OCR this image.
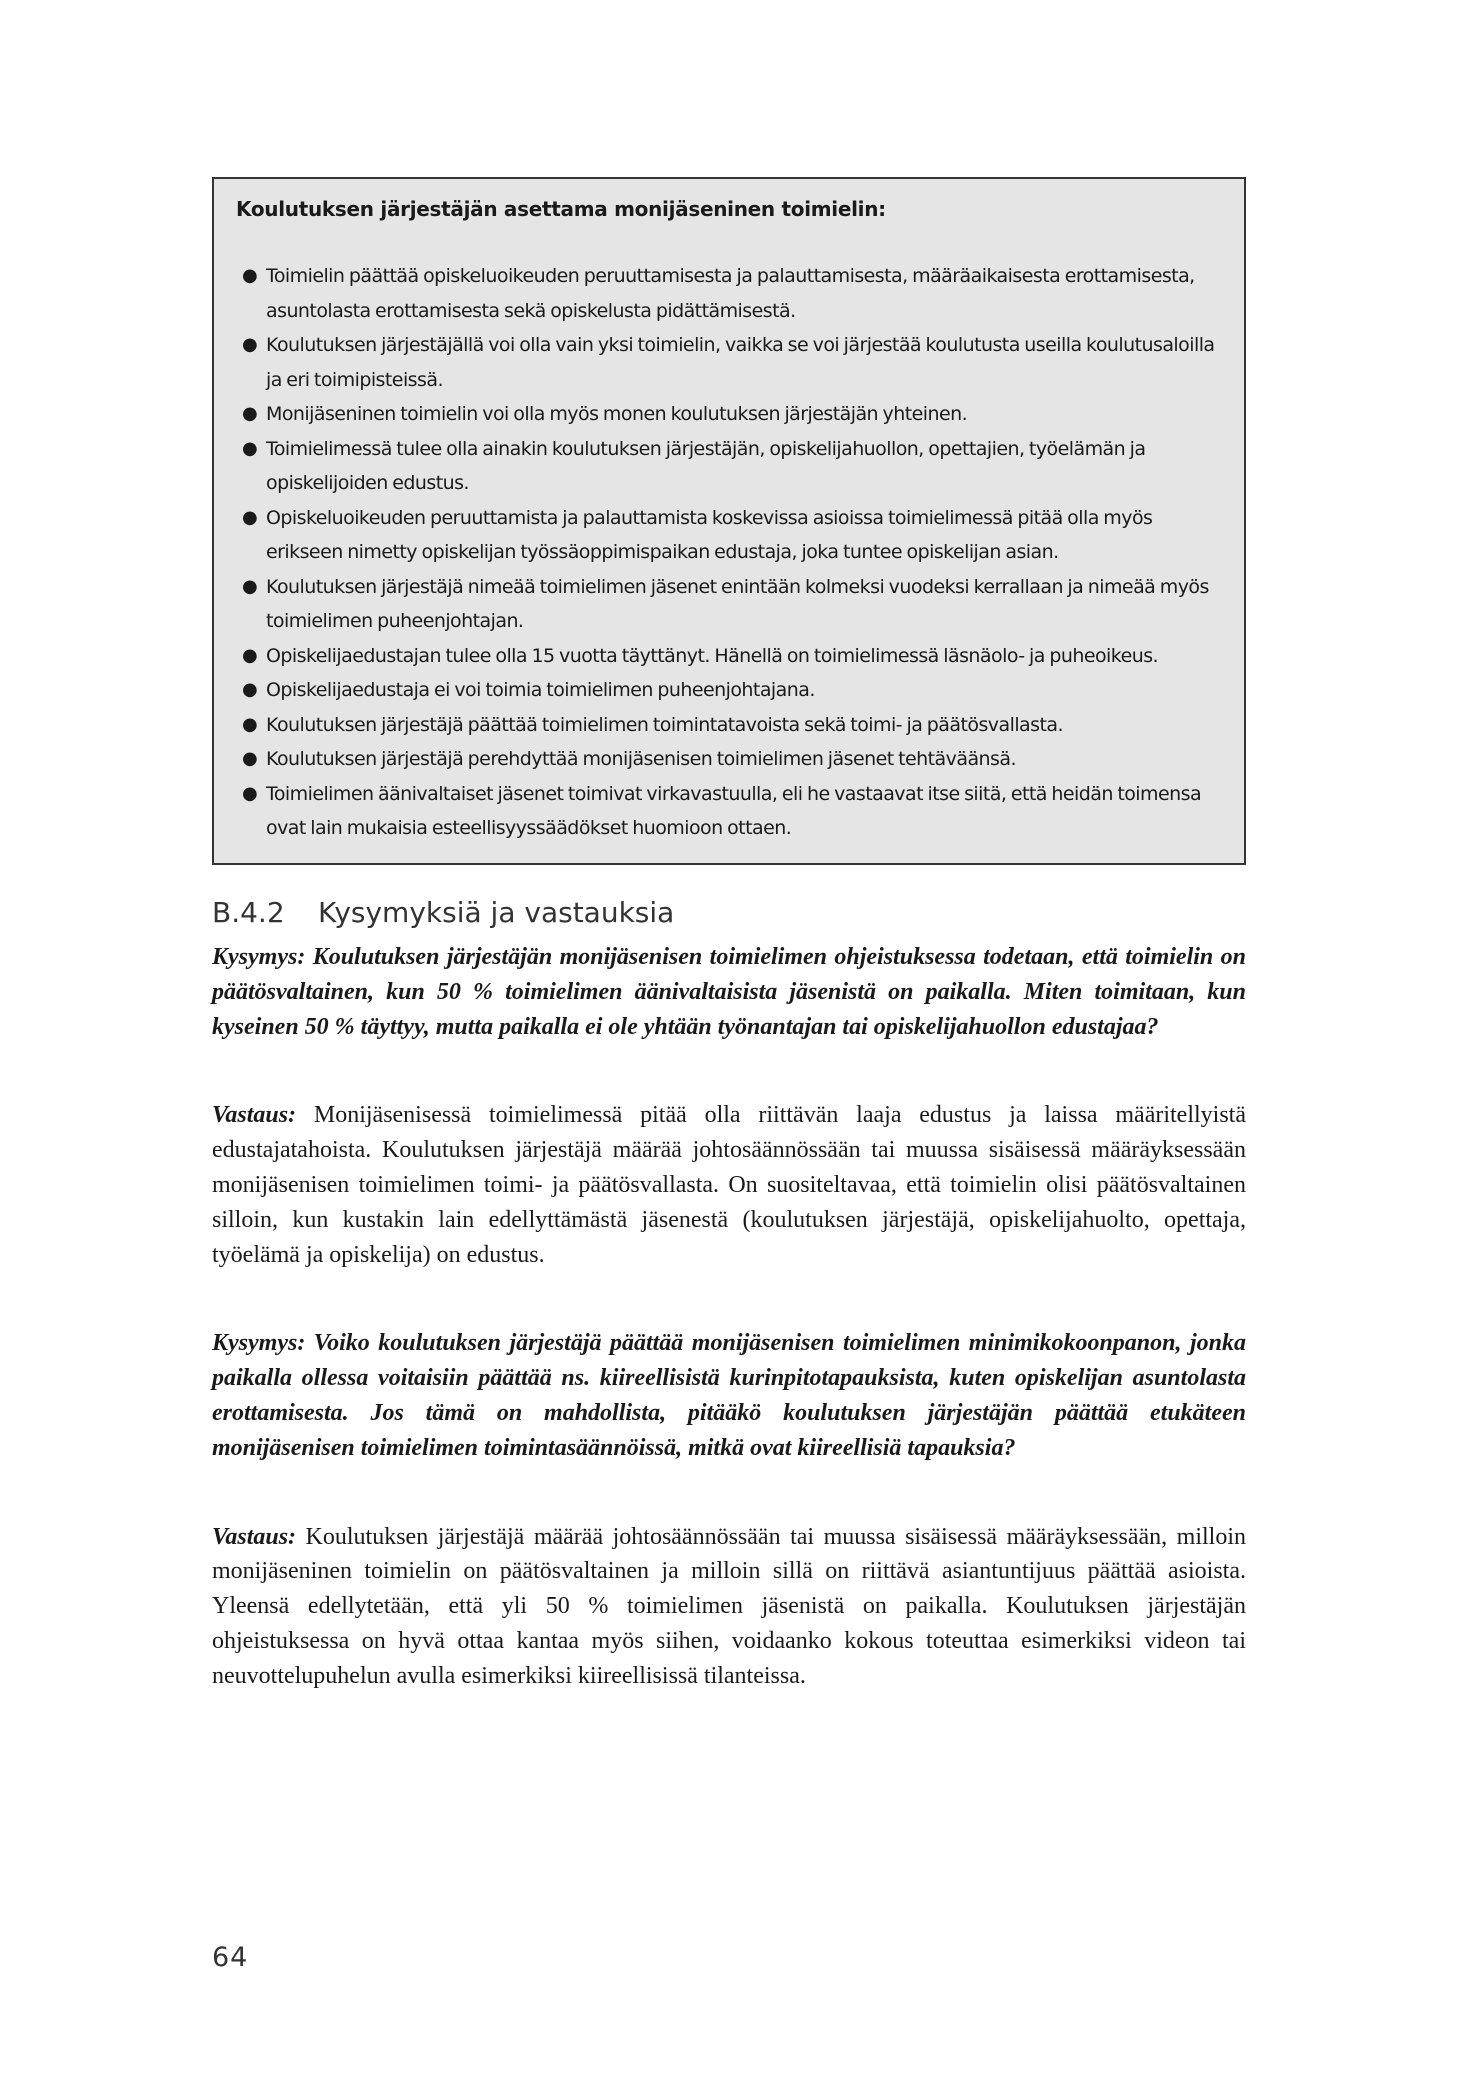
Koulutuksen järjestäjän asettama monijäseninen toimielin:
● Toimielin päättää opiskeluoikeuden peruuttamisesta ja palauttamisesta, määräaikaisesta erottamisesta, asuntolasta erottamisesta sekä opiskelusta pidättämisestä.
● Koulutuksen järjestäjällä voi olla vain yksi toimielin, vaikka se voi järjestää koulutusta useilla koulutusaloilla ja eri toimipisteissä.
● Monijäseninen toimielin voi olla myös monen koulutuksen järjestäjän yhteinen.
● Toimielimessä tulee olla ainakin koulutuksen järjestäjän, opiskelijahuollon, opettajien, työelämän ja opiskelijoiden edustus.
● Opiskeluoikeuden peruuttamista ja palauttamista koskevissa asioissa toimielimessä pitää olla myös erikseen nimetty opiskelijan työssäoppimispaikan edustaja, joka tuntee opiskelijan asian.
● Koulutuksen järjestäjä nimeää toimielimen jäsenet enintään kolmeksi vuodeksi kerrallaan ja nimeää myös toimielimen puheenjohtajan.
● Opiskelijaedustajan tulee olla 15 vuotta täyttänyt. Hänellä on toimielimessä läsnäolo- ja puheoikeus.
● Opiskelijaedustaja ei voi toimia toimielimen puheenjohtajana.
● Koulutuksen järjestäjä päättää toimielimen toimintatavoista sekä toimi- ja päätösvallasta.
● Koulutuksen järjestäjä perehdyttää monijäsenisen toimielimen jäsenet tehtäväänsä.
● Toimielimen äänivaltaiset jäsenet toimivat virkavastuulla, eli he vastaavat itse siitä, että heidän toimensa ovat lain mukaisia esteellisyyssäädökset huomioon ottaen.
B.4.2 Kysymyksiä ja vastauksia

Kysymys: Koulutuksen järjestäjän monijäsenisen toimielimen ohjeistuksessa todetaan, että toimielin on päätösvaltainen, kun 50 % toimielimen äänivaltaisista jäsenistä on paikalla. Miten toimitaan, kun kyseinen 50 % täyttyy, mutta paikalla ei ole yhtään työnantajan tai opiskelijahuollon edustajaa?

Vastaus: Monijäsenisessä toimielimessä pitää olla riittävän laaja edustus ja laissa määritellyistä edustajatahoista. Koulutuksen järjestäjä määrää johtosäännössään tai muussa sisäisessä määräyksessään monijäsenisen toimielimen toimi- ja päätösvallasta. On suositeltavaa, että toimielin olisi päätösvaltainen silloin, kun kustakin lain edellyttämästä jäsenestä (koulutuksen järjestäjä, opiskelijahuolto, opettaja, työelämä ja opiskelija) on edustus.

Kysymys: Voiko koulutuksen järjestäjä päättää monijäsenisen toimielimen minimikokoonpanon, jonka paikalla ollessa voitaisiin päättää ns. kiireellisistä kurinpitotapauksista, kuten opiskelijan asuntolasta erottamisesta. Jos tämä on mahdollista, pitääkö koulutuksen järjestäjän päättää etukäteen monijäsenisen toimielimen toimintasäännöissä, mitkä ovat kiireellisiä tapauksia?

Vastaus: Koulutuksen järjestäjä määrää johtosäännössään tai muussa sisäisessä määräyksessään, milloin monijäseninen toimielin on päätösvaltainen ja milloin sillä on riittävä asiantuntijuus päättää asioista. Yleensä edellytetään, että yli 50 % toimielimen jäsenistä on paikalla. Koulutuksen järjestäjän ohjeistuksessa on hyvä ottaa kantaa myös siihen, voidaanko kokous toteuttaa esimerkiksi videon tai neuvottelupuhelun avulla esimerkiksi kiireellisissä tilanteissa.

64
